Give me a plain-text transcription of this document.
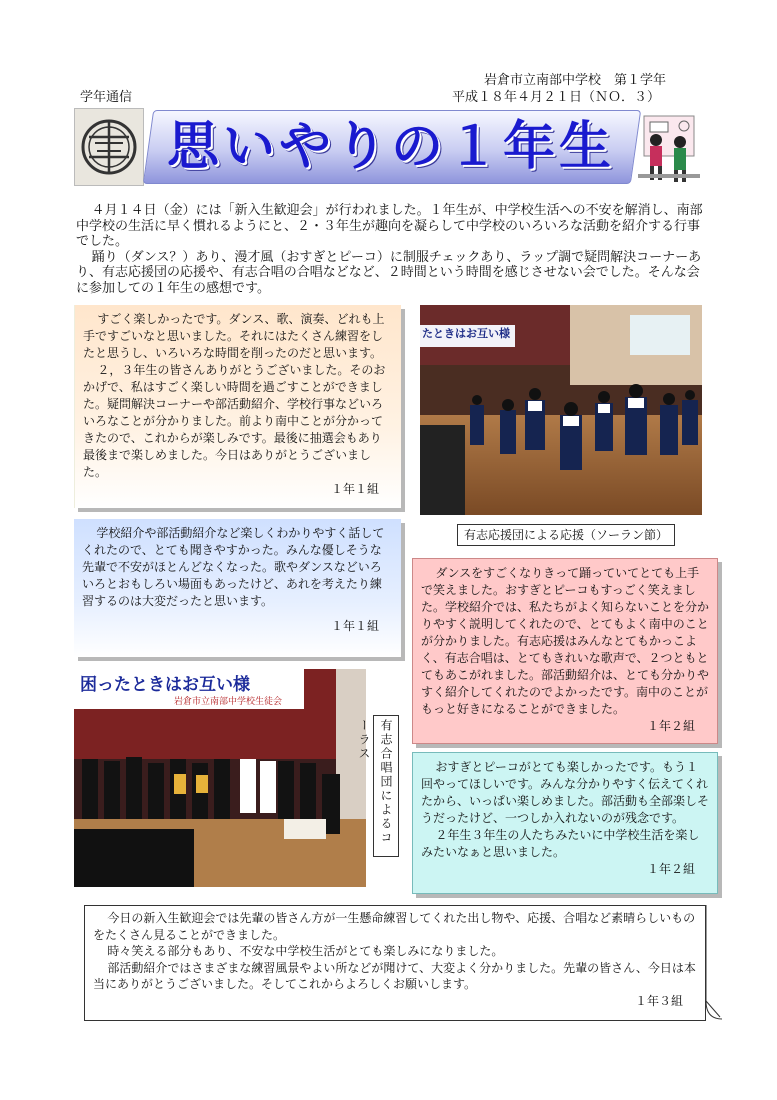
学年通信
岩倉市立南部中学校　第１学年
平成１８年４月２１日（ＮＯ．３）
思いやりの１年生

４月１４日（金）には「新入生歓迎会」が行われました。１年生が、中学校生活への不安を解消し、南部中学校の生活に早く慣れるようにと、２・３年生が趣向を凝らして中学校のいろいろな活動を紹介する行事でした。

踊り（ダンス？）あり、漫才風（おすぎとピーコ）に制服チェックあり、ラップ調で疑問解決コーナーあり、有志応援団の応援や、有志合唱の合唱などなど、２時間という時間を感じさせない会でした。そんな会に参加しての１年生の感想です。

すごく楽しかったです。ダンス、歌、演奏、どれも上手ですごいなと思いました。それにはたくさん練習をしたと思うし、いろいろな時間を削ったのだと思います。

２，３年生の皆さんありがとうございました。そのおかげで、私はすごく楽しい時間を過ごすことができました。疑問解決コーナーや部活動紹介、学校行事などいろいろなことが分かりました。前より南中ことが分かってきたので、これからが楽しみです。最後に抽選会もあり最後まで楽しめました。今日はありがとうございました。

１年１組

学校紹介や部活動紹介など楽しくわかりやすく話してくれたので、とても聞きやすかった。みんな優しそうな先輩で不安がほとんどなくなった。歌やダンスなどいろいろとおもしろい場面もあったけど、あれを考えたり練習するのは大変だったと思います。

１年１組
たときはお互い様
有志応援団による応援（ソーラン節）

ダンスをすごくなりきって踊っていてとても上手で笑えました。おすぎとピーコもすっごく笑えました。学校紹介では、私たちがよく知らないことを分かりやすく説明してくれたので、とてもよく南中のことが分かりました。有志応援はみんなとてもかっこよく、有志合唱は、とてもきれいな歌声で、２つともとてもあこがれました。部活動紹介は、とても分かりやすく紹介してくれたのでよかったです。南中のことがもっと好きになることができました。

１年２組
困ったときはお互い様
岩倉市立南部中学校生徒会
有志合唱団によるコーラス

おすぎとピーコがとても楽しかったです。もう１回やってほしいです。みんな分かりやすく伝えてくれたから、いっぱい楽しめました。部活動も全部楽しそうだったけど、一つしか入れないのが残念です。

２年生３年生の人たちみたいに中学校生活を楽しみたいなぁと思いました。

１年２組

今日の新入生歓迎会では先輩の皆さん方が一生懸命練習してくれた出し物や、応援、合唱など素晴らしいものをたくさん見ることができました。

時々笑える部分もあり、不安な中学校生活がとても楽しみになりました。

部活動紹介ではさまざまな練習風景やよい所などが聞けて、大変よく分かりました。先輩の皆さん、今日は本当にありがとうございました。そしてこれからよろしくお願いします。

１年３組
